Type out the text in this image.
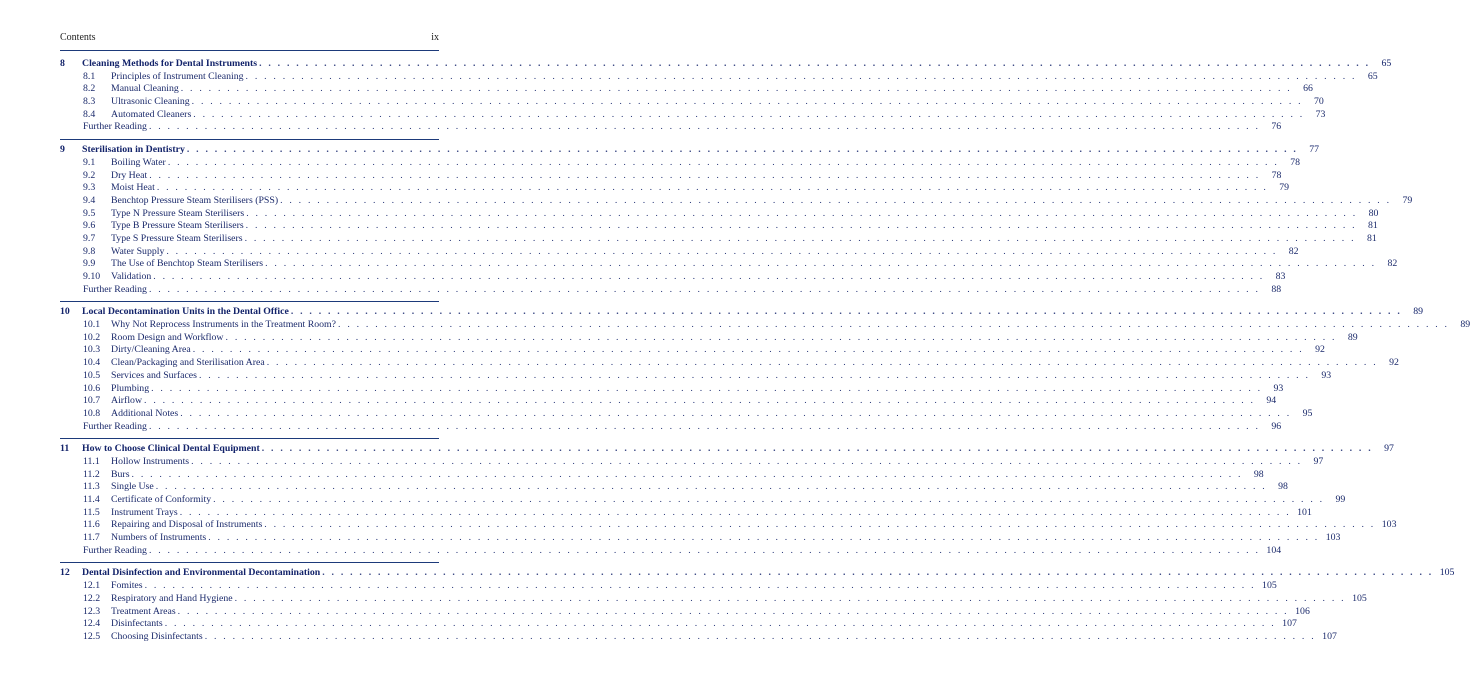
Contents	ix
8 Cleaning Methods for Dental Instruments . . . . . . . . . . . . . . . . . . . . . . . . . . . . . . . . . . . . . . . . . . . . . . . . . . . . . . . . . . . . . . . . . . . . . . . . . . . . . . . . . . . . . . . . . . . . . . . . . . . . . . . . . . . . . . . . . . . . . . . .	65
8.1 Principles of Instrument Cleaning . . . . . . . . . . . . . . . . . . . . . . . . . . . . . . . . . . . . . . . . . . . . . . . . . . . . . . . . . . . . . . . . . . . . . . . . . . . . . . . . . . . . . . . . . . . . . . . . . . . . . . . . . . . . . . . . . . . . . . . .	65
8.2 Manual Cleaning . . . . . . . . . . . . . . . . . . . . . . . . . . . . . . . . . . . . . . . . . . . . . . . . . . . . . . . . . . . . . . . . . . . . . . . . . . . . . . . . . . . . . . . . . . . . . . . . . . . . . . . . . . . . . . . . . . . . . . . .	66
8.3 Ultrasonic Cleaning . . . . . . . . . . . . . . . . . . . . . . . . . . . . . . . . . . . . . . . . . . . . . . . . . . . . . . . . . . . . . . . . . . . . . . . . . . . . . . . . . . . . . . . . . . . . . . . . . . . . . . . . . . . . . . . . . . . . . . . .	70
8.4 Automated Cleaners . . . . . . . . . . . . . . . . . . . . . . . . . . . . . . . . . . . . . . . . . . . . . . . . . . . . . . . . . . . . . . . . . . . . . . . . . . . . . . . . . . . . . . . . . . . . . . . . . . . . . . . . . . . . . . . . . . . . . . . .	73
Further Reading . . . . . . . . . . . . . . . . . . . . . . . . . . . . . . . . . . . . . . . . . . . . . . . . . . . . . . . . . . . . . . . . . . . . . . . . . . . . . . . . . . . . . . . . . . . . . . . . . . . . . . . . . . . . . . . . . . . . . . . .	76
9 Sterilisation in Dentistry . . . . . . . . . . . . . . . . . . . . . . . . . . . . . . . . . . . . . . . . . . . . . . . . . . . . . . . . . . . . . . . . . . . . . . . . . . . . . . . . . . . . . . . . . . . . . . . . . . . . . . . . . . . . . . . . . . . . . . . .	77
9.1 Boiling Water . . . . . . . . . . . . . . . . . . . . . . . . . . . . . . . . . . . . . . . . . . . . . . . . . . . . . . . . . . . . . . . . . . . . . . . . . . . . . . . . . . . . . . . . . . . . . . . . . . . . . . . . . . . . . . . . . . . . . . . .	78
9.2 Dry Heat . . . . . . . . . . . . . . . . . . . . . . . . . . . . . . . . . . . . . . . . . . . . . . . . . . . . . . . . . . . . . . . . . . . . . . . . . . . . . . . . . . . . . . . . . . . . . . . . . . . . . . . . . . . . . . . . . . . . . . . .	78
9.3 Moist Heat . . . . . . . . . . . . . . . . . . . . . . . . . . . . . . . . . . . . . . . . . . . . . . . . . . . . . . . . . . . . . . . . . . . . . . . . . . . . . . . . . . . . . . . . . . . . . . . . . . . . . . . . . . . . . . . . . . . . . . . .	79
9.4 Benchtop Pressure Steam Sterilisers (PSS) . . . . . . . . . . . . . . . . . . . . . . . . . . . . . . . . . . . . . . . . . . . . . . . . . . . . . . . . . . . . . . . . . . . . . . . . . . . . . . . . . . . . . . . . . . . . . . . . . . . . . . . . . . . . . . . . . . . . . . . .	79
9.5 Type N Pressure Steam Sterilisers . . . . . . . . . . . . . . . . . . . . . . . . . . . . . . . . . . . . . . . . . . . . . . . . . . . . . . . . . . . . . . . . . . . . . . . . . . . . . . . . . . . . . . . . . . . . . . . . . . . . . . . . . . . . . . . . . . . . . . . .	80
9.6 Type B Pressure Steam Sterilisers . . . . . . . . . . . . . . . . . . . . . . . . . . . . . . . . . . . . . . . . . . . . . . . . . . . . . . . . . . . . . . . . . . . . . . . . . . . . . . . . . . . . . . . . . . . . . . . . . . . . . . . . . . . . . . . . . . . . . . . .	81
9.7 Type S Pressure Steam Sterilisers . . . . . . . . . . . . . . . . . . . . . . . . . . . . . . . . . . . . . . . . . . . . . . . . . . . . . . . . . . . . . . . . . . . . . . . . . . . . . . . . . . . . . . . . . . . . . . . . . . . . . . . . . . . . . . . . . . . . . . . .	81
9.8 Water Supply . . . . . . . . . . . . . . . . . . . . . . . . . . . . . . . . . . . . . . . . . . . . . . . . . . . . . . . . . . . . . . . . . . . . . . . . . . . . . . . . . . . . . . . . . . . . . . . . . . . . . . . . . . . . . . . . . . . . . . . .	82
9.9 The Use of Benchtop Steam Sterilisers . . . . . . . . . . . . . . . . . . . . . . . . . . . . . . . . . . . . . . . . . . . . . . . . . . . . . . . . . . . . . . . . . . . . . . . . . . . . . . . . . . . . . . . . . . . . . . . . . . . . . . . . . . . . . . . . . . . . . . . .	82
9.10 Validation . . . . . . . . . . . . . . . . . . . . . . . . . . . . . . . . . . . . . . . . . . . . . . . . . . . . . . . . . . . . . . . . . . . . . . . . . . . . . . . . . . . . . . . . . . . . . . . . . . . . . . . . . . . . . . . . . . . . . . . .	83
Further Reading . . . . . . . . . . . . . . . . . . . . . . . . . . . . . . . . . . . . . . . . . . . . . . . . . . . . . . . . . . . . . . . . . . . . . . . . . . . . . . . . . . . . . . . . . . . . . . . . . . . . . . . . . . . . . . . . . . . . . . . .	88
10 Local Decontamination Units in the Dental Office . . . . . . . . . . . . . . . . . . . . . . . . . . . . . . . . . . . . . . . . . . . . . . . . . . . . . . . . . . . . . . . . . . . . . . . . . . . . . . . . . . . . . . . . . . . . . . . . . . . . . . . . . . . . . . . . . . . . . . . .	89
10.1 Why Not Reprocess Instruments in the Treatment Room? . . . . . . . . . . . . . . . . . . . . . . . . . . . . . . . . . . . . . . . . . . . . . . . . . . . . . . . . . . . . . . . . . . . . . . . . . . . . . . . . . . . . . . . . . . . . . . . . . . . . . . . . . . . . . . . . . . . . . . . .	89
10.2 Room Design and Workflow . . . . . . . . . . . . . . . . . . . . . . . . . . . . . . . . . . . . . . . . . . . . . . . . . . . . . . . . . . . . . . . . . . . . . . . . . . . . . . . . . . . . . . . . . . . . . . . . . . . . . . . . . . . . . . . . . . . . . . . .	89
10.3 Dirty/Cleaning Area . . . . . . . . . . . . . . . . . . . . . . . . . . . . . . . . . . . . . . . . . . . . . . . . . . . . . . . . . . . . . . . . . . . . . . . . . . . . . . . . . . . . . . . . . . . . . . . . . . . . . . . . . . . . . . . . . . . . . . . .	92
10.4 Clean/Packaging and Sterilisation Area . . . . . . . . . . . . . . . . . . . . . . . . . . . . . . . . . . . . . . . . . . . . . . . . . . . . . . . . . . . . . . . . . . . . . . . . . . . . . . . . . . . . . . . . . . . . . . . . . . . . . . . . . . . . . . . . . . . . . . . .	92
10.5 Services and Surfaces . . . . . . . . . . . . . . . . . . . . . . . . . . . . . . . . . . . . . . . . . . . . . . . . . . . . . . . . . . . . . . . . . . . . . . . . . . . . . . . . . . . . . . . . . . . . . . . . . . . . . . . . . . . . . . . . . . . . . . . .	93
10.6 Plumbing . . . . . . . . . . . . . . . . . . . . . . . . . . . . . . . . . . . . . . . . . . . . . . . . . . . . . . . . . . . . . . . . . . . . . . . . . . . . . . . . . . . . . . . . . . . . . . . . . . . . . . . . . . . . . . . . . . . . . . . .	93
10.7 Airflow . . . . . . . . . . . . . . . . . . . . . . . . . . . . . . . . . . . . . . . . . . . . . . . . . . . . . . . . . . . . . . . . . . . . . . . . . . . . . . . . . . . . . . . . . . . . . . . . . . . . . . . . . . . . . . . . . . . . . . . .	94
10.8 Additional Notes . . . . . . . . . . . . . . . . . . . . . . . . . . . . . . . . . . . . . . . . . . . . . . . . . . . . . . . . . . . . . . . . . . . . . . . . . . . . . . . . . . . . . . . . . . . . . . . . . . . . . . . . . . . . . . . . . . . . . . . .	95
Further Reading . . . . . . . . . . . . . . . . . . . . . . . . . . . . . . . . . . . . . . . . . . . . . . . . . . . . . . . . . . . . . . . . . . . . . . . . . . . . . . . . . . . . . . . . . . . . . . . . . . . . . . . . . . . . . . . . . . . . . . . .	96
11 How to Choose Clinical Dental Equipment . . . . . . . . . . . . . . . . . . . . . . . . . . . . . . . . . . . . . . . . . . . . . . . . . . . . . . . . . . . . . . . . . . . . . . . . . . . . . . . . . . . . . . . . . . . . . . . . . . . . . . . . . . . . . . . . . . . . . . . .	97
11.1 Hollow Instruments . . . . . . . . . . . . . . . . . . . . . . . . . . . . . . . . . . . . . . . . . . . . . . . . . . . . . . . . . . . . . . . . . . . . . . . . . . . . . . . . . . . . . . . . . . . . . . . . . . . . . . . . . . . . . . . . . . . . . . . .	97
11.2 Burs . . . . . . . . . . . . . . . . . . . . . . . . . . . . . . . . . . . . . . . . . . . . . . . . . . . . . . . . . . . . . . . . . . . . . . . . . . . . . . . . . . . . . . . . . . . . . . . . . . . . . . . . . . . . . . . . . . . . . . . .	98
11.3 Single Use . . . . . . . . . . . . . . . . . . . . . . . . . . . . . . . . . . . . . . . . . . . . . . . . . . . . . . . . . . . . . . . . . . . . . . . . . . . . . . . . . . . . . . . . . . . . . . . . . . . . . . . . . . . . . . . . . . . . . . . .	98
11.4 Certificate of Conformity . . . . . . . . . . . . . . . . . . . . . . . . . . . . . . . . . . . . . . . . . . . . . . . . . . . . . . . . . . . . . . . . . . . . . . . . . . . . . . . . . . . . . . . . . . . . . . . . . . . . . . . . . . . . . . . . . . . . . . . .	99
11.5 Instrument Trays . . . . . . . . . . . . . . . . . . . . . . . . . . . . . . . . . . . . . . . . . . . . . . . . . . . . . . . . . . . . . . . . . . . . . . . . . . . . . . . . . . . . . . . . . . . . . . . . . . . . . . . . . . . . . . . . . . . . . . . . 101
11.6 Repairing and Disposal of Instruments . . . . . . . . . . . . . . . . . . . . . . . . . . . . . . . . . . . . . . . . . . . . . . . . . . . . . . . . . . . . . . . . . . . . . . . . . . . . . . . . . . . . . . . . . . . . . . . . . . . . . . . . . . . . . . . . . . . . . . . . 103
11.7 Numbers of Instruments . . . . . . . . . . . . . . . . . . . . . . . . . . . . . . . . . . . . . . . . . . . . . . . . . . . . . . . . . . . . . . . . . . . . . . . . . . . . . . . . . . . . . . . . . . . . . . . . . . . . . . . . . . . . . . . . . . . . . . . . 103
Further Reading . . . . . . . . . . . . . . . . . . . . . . . . . . . . . . . . . . . . . . . . . . . . . . . . . . . . . . . . . . . . . . . . . . . . . . . . . . . . . . . . . . . . . . . . . . . . . . . . . . . . . . . . . . . . . . . . . . . . . . . . 104
12 Dental Disinfection and Environmental Decontamination . . . . . . . . . . . . . . . . . . . . . . . . . . . . . . . . . . . . . . . . . . . . . . . . . . . . . . . . . . . . . . . . . . . . . . . . . . . . . . . . . . . . . . . . . . . . . . . . . . . . . . . . . . . . . . . . . . . . . . . . 105
12.1 Fomites . . . . . . . . . . . . . . . . . . . . . . . . . . . . . . . . . . . . . . . . . . . . . . . . . . . . . . . . . . . . . . . . . . . . . . . . . . . . . . . . . . . . . . . . . . . . . . . . . . . . . . . . . . . . . . . . . . . . . . . . 105
12.2 Respiratory and Hand Hygiene . . . . . . . . . . . . . . . . . . . . . . . . . . . . . . . . . . . . . . . . . . . . . . . . . . . . . . . . . . . . . . . . . . . . . . . . . . . . . . . . . . . . . . . . . . . . . . . . . . . . . . . . . . . . . . . . . . . . . . . . 105
12.3 Treatment Areas . . . . . . . . . . . . . . . . . . . . . . . . . . . . . . . . . . . . . . . . . . . . . . . . . . . . . . . . . . . . . . . . . . . . . . . . . . . . . . . . . . . . . . . . . . . . . . . . . . . . . . . . . . . . . . . . . . . . . . . . 106
12.4 Disinfectants . . . . . . . . . . . . . . . . . . . . . . . . . . . . . . . . . . . . . . . . . . . . . . . . . . . . . . . . . . . . . . . . . . . . . . . . . . . . . . . . . . . . . . . . . . . . . . . . . . . . . . . . . . . . . . . . . . . . . . . . 107
12.5 Choosing Disinfectants . . . . . . . . . . . . . . . . . . . . . . . . . . . . . . . . . . . . . . . . . . . . . . . . . . . . . . . . . . . . . . . . . . . . . . . . . . . . . . . . . . . . . . . . . . . . . . . . . . . . . . . . . . . . . . . . . . . . . . . . 107
